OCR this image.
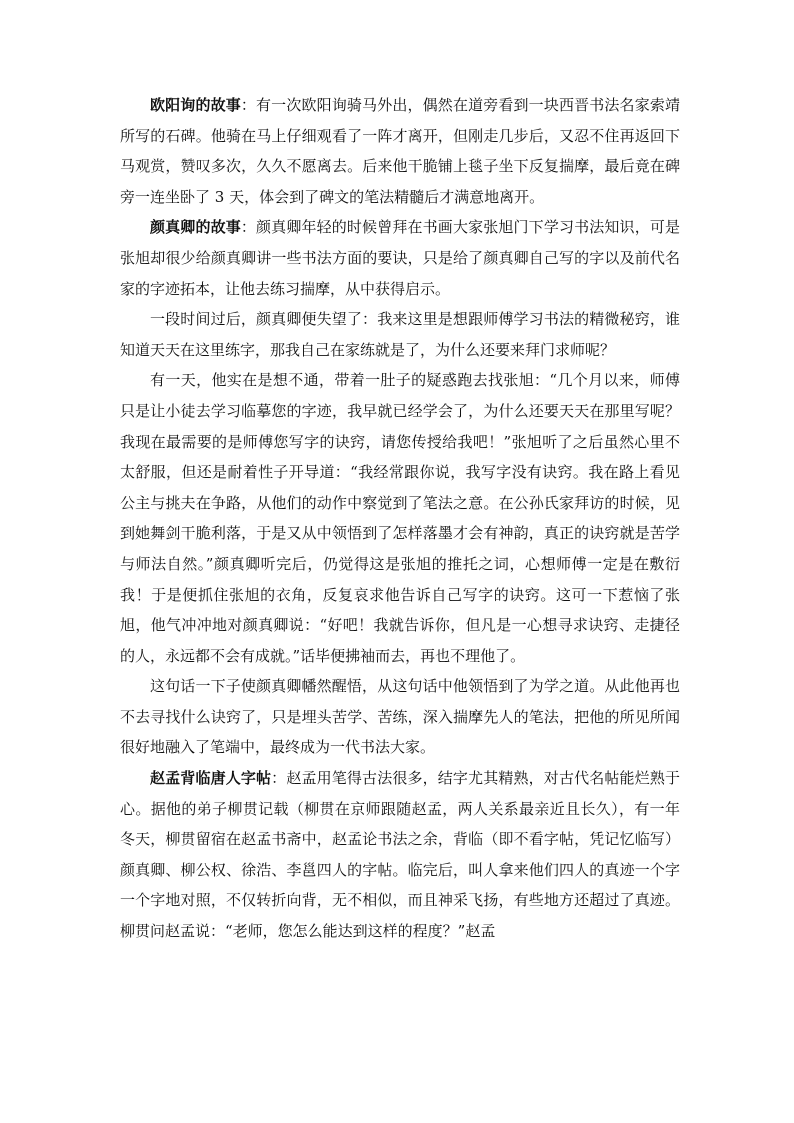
欧阳询的故事：有一次欧阳询骑马外出，偶然在道旁看到一块西晋书法名家索靖所写的石碑。他骑在马上仔细观看了一阵才离开，但刚走几步后，又忍不住再返回下马观赏，赞叹多次，久久不愿离去。后来他干脆铺上毯子坐下反复揣摩，最后竟在碑旁一连坐卧了 3 天，体会到了碑文的笔法精髓后才满意地离开。

颜真卿的故事：颜真卿年轻的时候曾拜在书画大家张旭门下学习书法知识，可是张旭却很少给颜真卿讲一些书法方面的要诀，只是给了颜真卿自己写的字以及前代名家的字迹拓本，让他去练习揣摩，从中获得启示。

一段时间过后，颜真卿便失望了：我来这里是想跟师傅学习书法的精微秘窍，谁知道天天在这里练字，那我自己在家练就是了，为什么还要来拜门求师呢？

有一天，他实在是想不通，带着一肚子的疑惑跑去找张旭：“几个月以来，师傅只是让小徒去学习临摹您的字迹，我早就已经学会了，为什么还要天天在那里写呢？我现在最需要的是师傅您写字的诀窍，请您传授给我吧！”张旭听了之后虽然心里不太舒服，但还是耐着性子开导道：“我经常跟你说，我写字没有诀窍。我在路上看见公主与挑夫在争路，从他们的动作中察觉到了笔法之意。在公孙氏家拜访的时候，见到她舞剑干脆利落，于是又从中领悟到了怎样落墨才会有神韵，真正的诀窍就是苦学与师法自然。”颜真卿听完后，仍觉得这是张旭的推托之词，心想师傅一定是在敷衍我！于是便抓住张旭的衣角，反复哀求他告诉自己写字的诀窍。这可一下惹恼了张旭，他气冲冲地对颜真卿说：“好吧！我就告诉你，但凡是一心想寻求诀窍、走捷径的人，永远都不会有成就。”话毕便拂袖而去，再也不理他了。

这句话一下子使颜真卿幡然醒悟，从这句话中他领悟到了为学之道。从此他再也不去寻找什么诀窍了，只是埋头苦学、苦练，深入揣摩先人的笔法，把他的所见所闻很好地融入了笔端中，最终成为一代书法大家。

赵孟背临唐人字帖：赵孟用笔得古法很多，结字尤其精熟，对古代名帖能烂熟于心。据他的弟子柳贯记载（柳贯在京师跟随赵孟，两人关系最亲近且长久），有一年冬天，柳贯留宿在赵孟书斋中，赵孟论书法之余，背临（即不看字帖，凭记忆临写）颜真卿、柳公权、徐浩、李邕四人的字帖。临完后，叫人拿来他们四人的真迹一个字一个字地对照，不仅转折向背，无不相似，而且神采飞扬，有些地方还超过了真迹。柳贯问赵孟说：“老师，您怎么能达到这样的程度？”赵孟
